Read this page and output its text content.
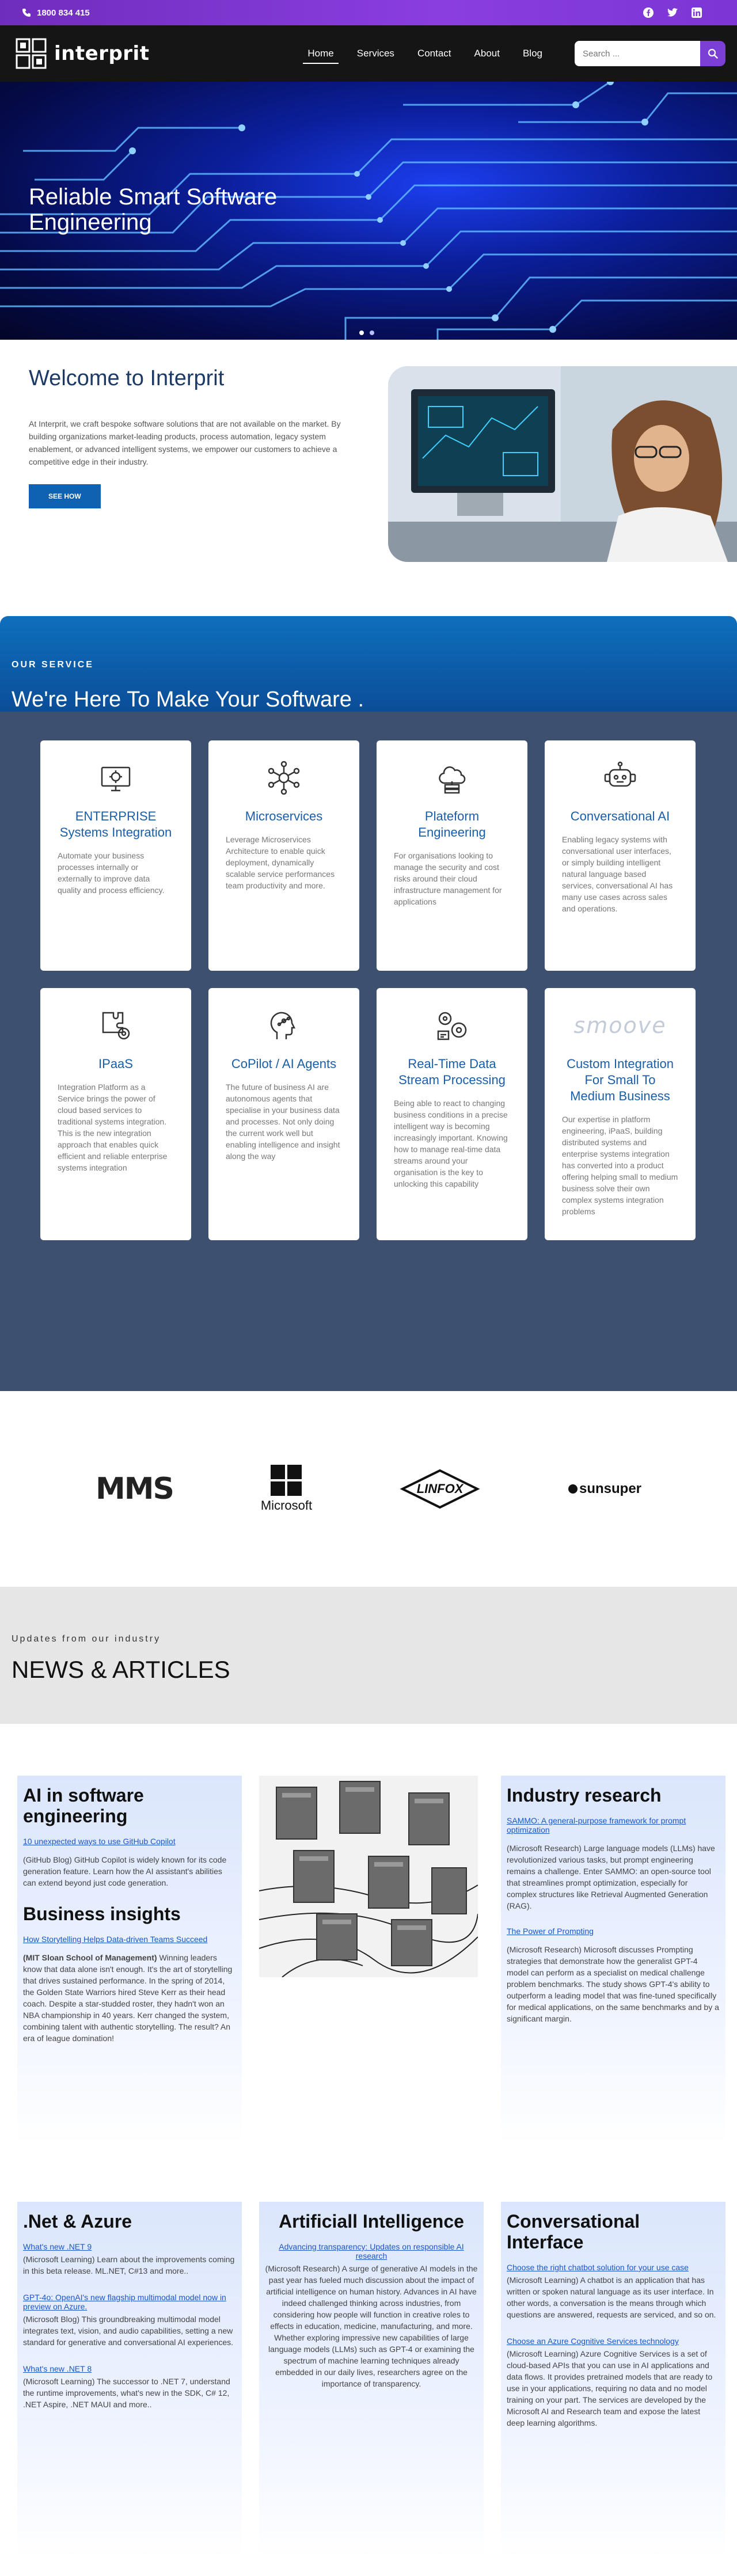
1800 834 415
interprit	Home	Services	Contact	About	Blog
Search ...
Reliable Smart Software Engineering
Welcome to Interprit

At Interprit, we craft bespoke software solutions that are not available on the market. By building organizations market-leading products, process automation, legacy system enablement, or advanced intelligent systems, we empower our customers to achieve a competitive edge in their industry.

SEE HOW
OUR SERVICE
We're Here To Make Your Software .
ENTERPRISE Systems Integration

Automate your business processes internally or externally to improve data quality and process efficiency.

Microservices

Leverage Microservices Architecture to enable quick deployment, dynamically scalable service performances team productivity and more.

Plateform Engineering

For organisations looking to manage the security and cost risks around their cloud infrastructure management for applications

Conversational AI

Enabling legacy systems with conversational user interfaces, or simply building intelligent natural language based services, conversational AI has many use cases across sales and operations.

IPaaS

Integration Platform as a Service brings the power of cloud based services to traditional systems integration. This is the new integration approach that enables quick efficient and reliable enterprise systems integration

CoPilot / AI Agents

The future of business AI are autonomous agents that specialise in your business data and processes. Not only doing the current work well but enabling intelligence and insight along the way

Real-Time Data Stream Processing

Being able to react to changing business conditions in a precise intelligent way is becoming increasingly important. Knowing how to manage real-time data streams around your organisation is the key to unlocking this capability

smoove
Custom Integration For Small To Medium Business

Our expertise in platform engineering, iPaaS, building distributed systems and enterprise systems integration has converted into a product offering helping small to medium business solve their own complex systems integration problems

MMS	Microsoft
LINFOX	sunsuper
Updates from our industry
NEWS & ARTICLES
AI in software engineering
10 unexpected ways to use GitHub Copilot

(GitHub Blog) GitHub Copilot is widely known for its code generation feature. Learn how the AI assistant's abilities can extend beyond just code generation.

Business insights
How Storytelling Helps Data-driven Teams Succeed

(MIT Sloan School of Management) Winning leaders know that data alone isn't enough. It's the art of storytelling that drives sustained performance. In the spring of 2014, the Golden State Warriors hired Steve Kerr as their head coach. Despite a star-studded roster, they hadn't won an NBA championship in 40 years. Kerr changed the system, combining talent with authentic storytelling. The result? An era of league domination!

Industry research
SAMMO: A general-purpose framework for prompt optimization

(Microsoft Research) Large language models (LLMs) have revolutionized various tasks, but prompt engineering remains a challenge. Enter SAMMO: an open-source tool that streamlines prompt optimization, especially for complex structures like Retrieval Augmented Generation (RAG).

The Power of Prompting

(Microsoft Research) Microsoft discusses Prompting strategies that demonstrate how the generalist GPT-4 model can perform as a specialist on medical challenge problem benchmarks. The study shows GPT-4's ability to outperform a leading model that was fine-tuned specifically for medical applications, on the same benchmarks and by a significant margin.

.Net & Azure
What's new .NET 9

(Microsoft Learning) Learn about the improvements coming in this beta release. ML.NET, C#13 and more..

GPT-4o: OpenAI's new flagship multimodal model now in preview on Azure.

(Microsoft Blog) This groundbreaking multimodal model integrates text, vision, and audio capabilities, setting a new standard for generative and conversational AI experiences.

What's new .NET 8

(Microsoft Learning) The successor to .NET 7, understand the runtime improvements, what's new in the SDK, C# 12, .NET Aspire, .NET MAUI and more..

Artificiall Intelligence
Advancing transparency: Updates on responsible AI research

(Microsoft Research) A surge of generative AI models in the past year has fueled much discussion about the impact of artificial intelligence on human history. Advances in AI have indeed challenged thinking across industries, from considering how people will function in creative roles to effects in education, medicine, manufacturing, and more. Whether exploring impressive new capabilities of large language models (LLMs) such as GPT-4 or examining the spectrum of machine learning techniques already embedded in our daily lives, researchers agree on the importance of transparency.

Conversational Interface
Choose the right chatbot solution for your use case

(Microsoft Learning) A chatbot is an application that has written or spoken natural language as its user interface. In other words, a conversation is the means through which questions are answered, requests are serviced, and so on.

Choose an Azure Cognitive Services technology

(Microsoft Learning) Azure Cognitive Services is a set of cloud-based APIs that you can use in AI applications and data flows. It provides pretrained models that are ready to use in your applications, requiring no data and no model training on your part. The services are developed by the Microsoft AI and Research team and expose the latest deep learning algorithms.
